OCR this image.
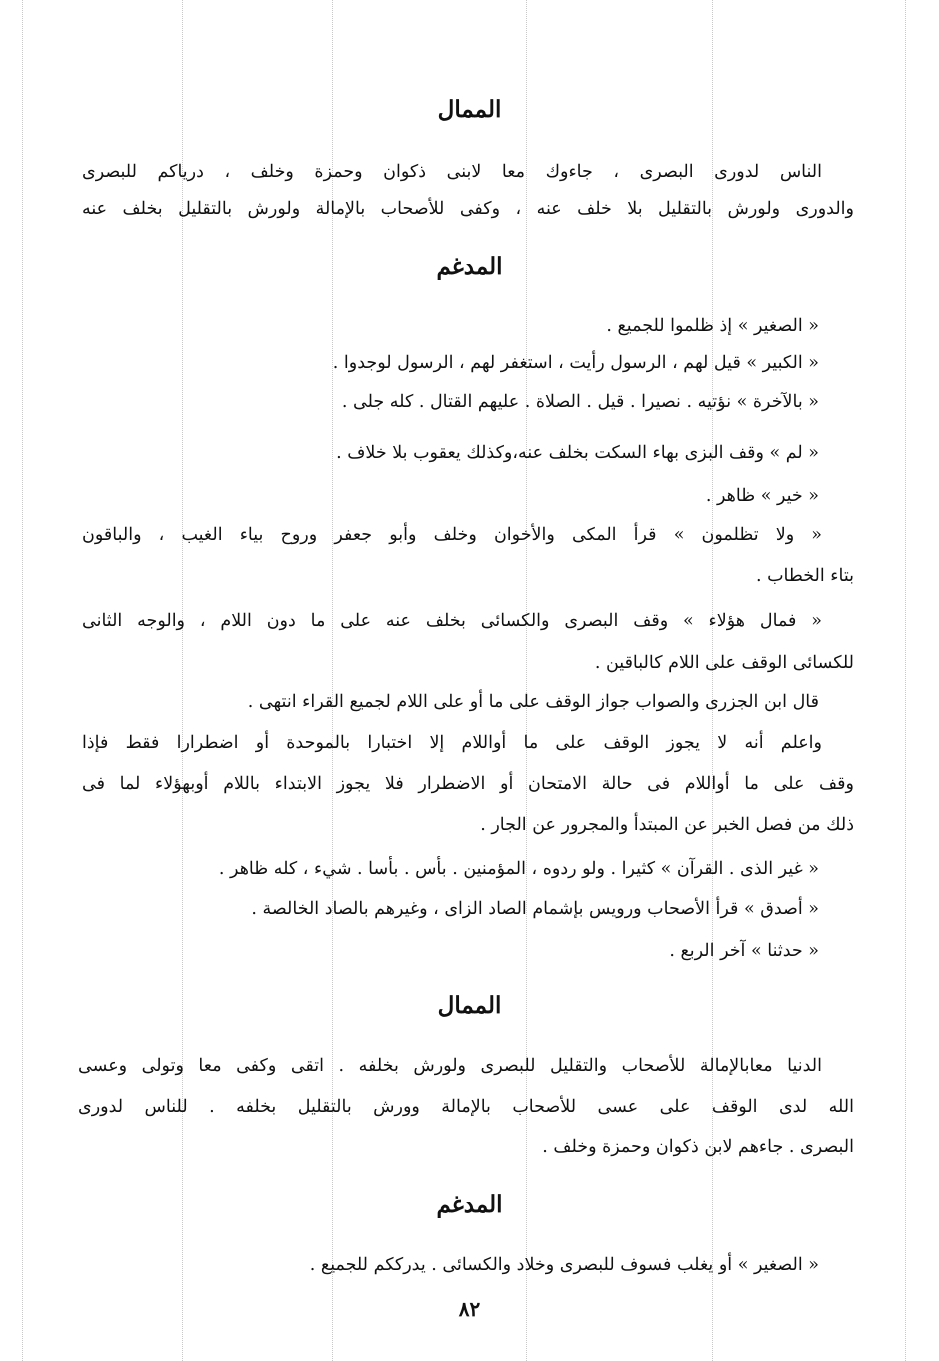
الممال
الناس لدورى البصرى ، جاءوك معا لابنى ذكوان وحمزة وخلف ، درياكم للبصرى
والدورى ولورش بالتقليل بلا خلف عنه ، وكفى للأصحاب بالإمالة ولورش بالتقليل بخلف عنه
المدغم
« الصغير » إذ ظلموا للجميع .
« الكبير » قيل لهم ، الرسول رأيت ، استغفر لهم ، الرسول لوجدوا .
« بالآخرة » نؤتيه . نصيرا . قيل . الصلاة . عليهم القتال . كله جلى .
« لم » وقف البزى بهاء السكت بخلف عنه،وكذلك يعقوب بلا خلاف .
« خير » ظاهر .
« ولا تظلمون » قرأ المكى والأخوان وخلف وأبو جعفر وروح بياء الغيب ، والباقون
بتاء الخطاب .
« فمال هؤلاء » وقف البصرى والكسائى بخلف عنه على ما دون اللام ، والوجه الثانى
للكسائى الوقف على اللام كالباقين .
قال ابن الجزرى والصواب جواز الوقف على ما أو على اللام لجميع القراء انتهى .
واعلم أنه لا يجوز الوقف على ما أواللام إلا اختبارا بالموحدة أو اضطرارا فقط فإذا
وقف على ما أواللام فى حالة الامتحان أو الاضطرار فلا يجوز الابتداء باللام أوبهؤلاء لما فى
ذلك من فصل الخبر عن المبتدأ والمجرور عن الجار .
« غير الذى . القرآن » كثيرا . ولو ردوه ، المؤمنين . بأس . بأسا . شيء ، كله ظاهر .
« أصدق » قرأ الأصحاب ورويس بإشمام الصاد الزاى ، وغيرهم بالصاد الخالصة .
« حدثنا » آخر الربع .
الممال
الدنيا معابالإمالة للأصحاب والتقليل للبصرى ولورش بخلفه . اتقى وكفى معا وتولى وعسى
الله لدى الوقف على عسى للأصحاب بالإمالة وورش بالتقليل بخلفه . للناس لدورى
البصرى . جاءهم لابن ذكوان وحمزة وخلف .
المدغم
« الصغير » أو يغلب فسوف للبصرى وخلاد والكسائى . يدرككم للجميع .
٨٢
